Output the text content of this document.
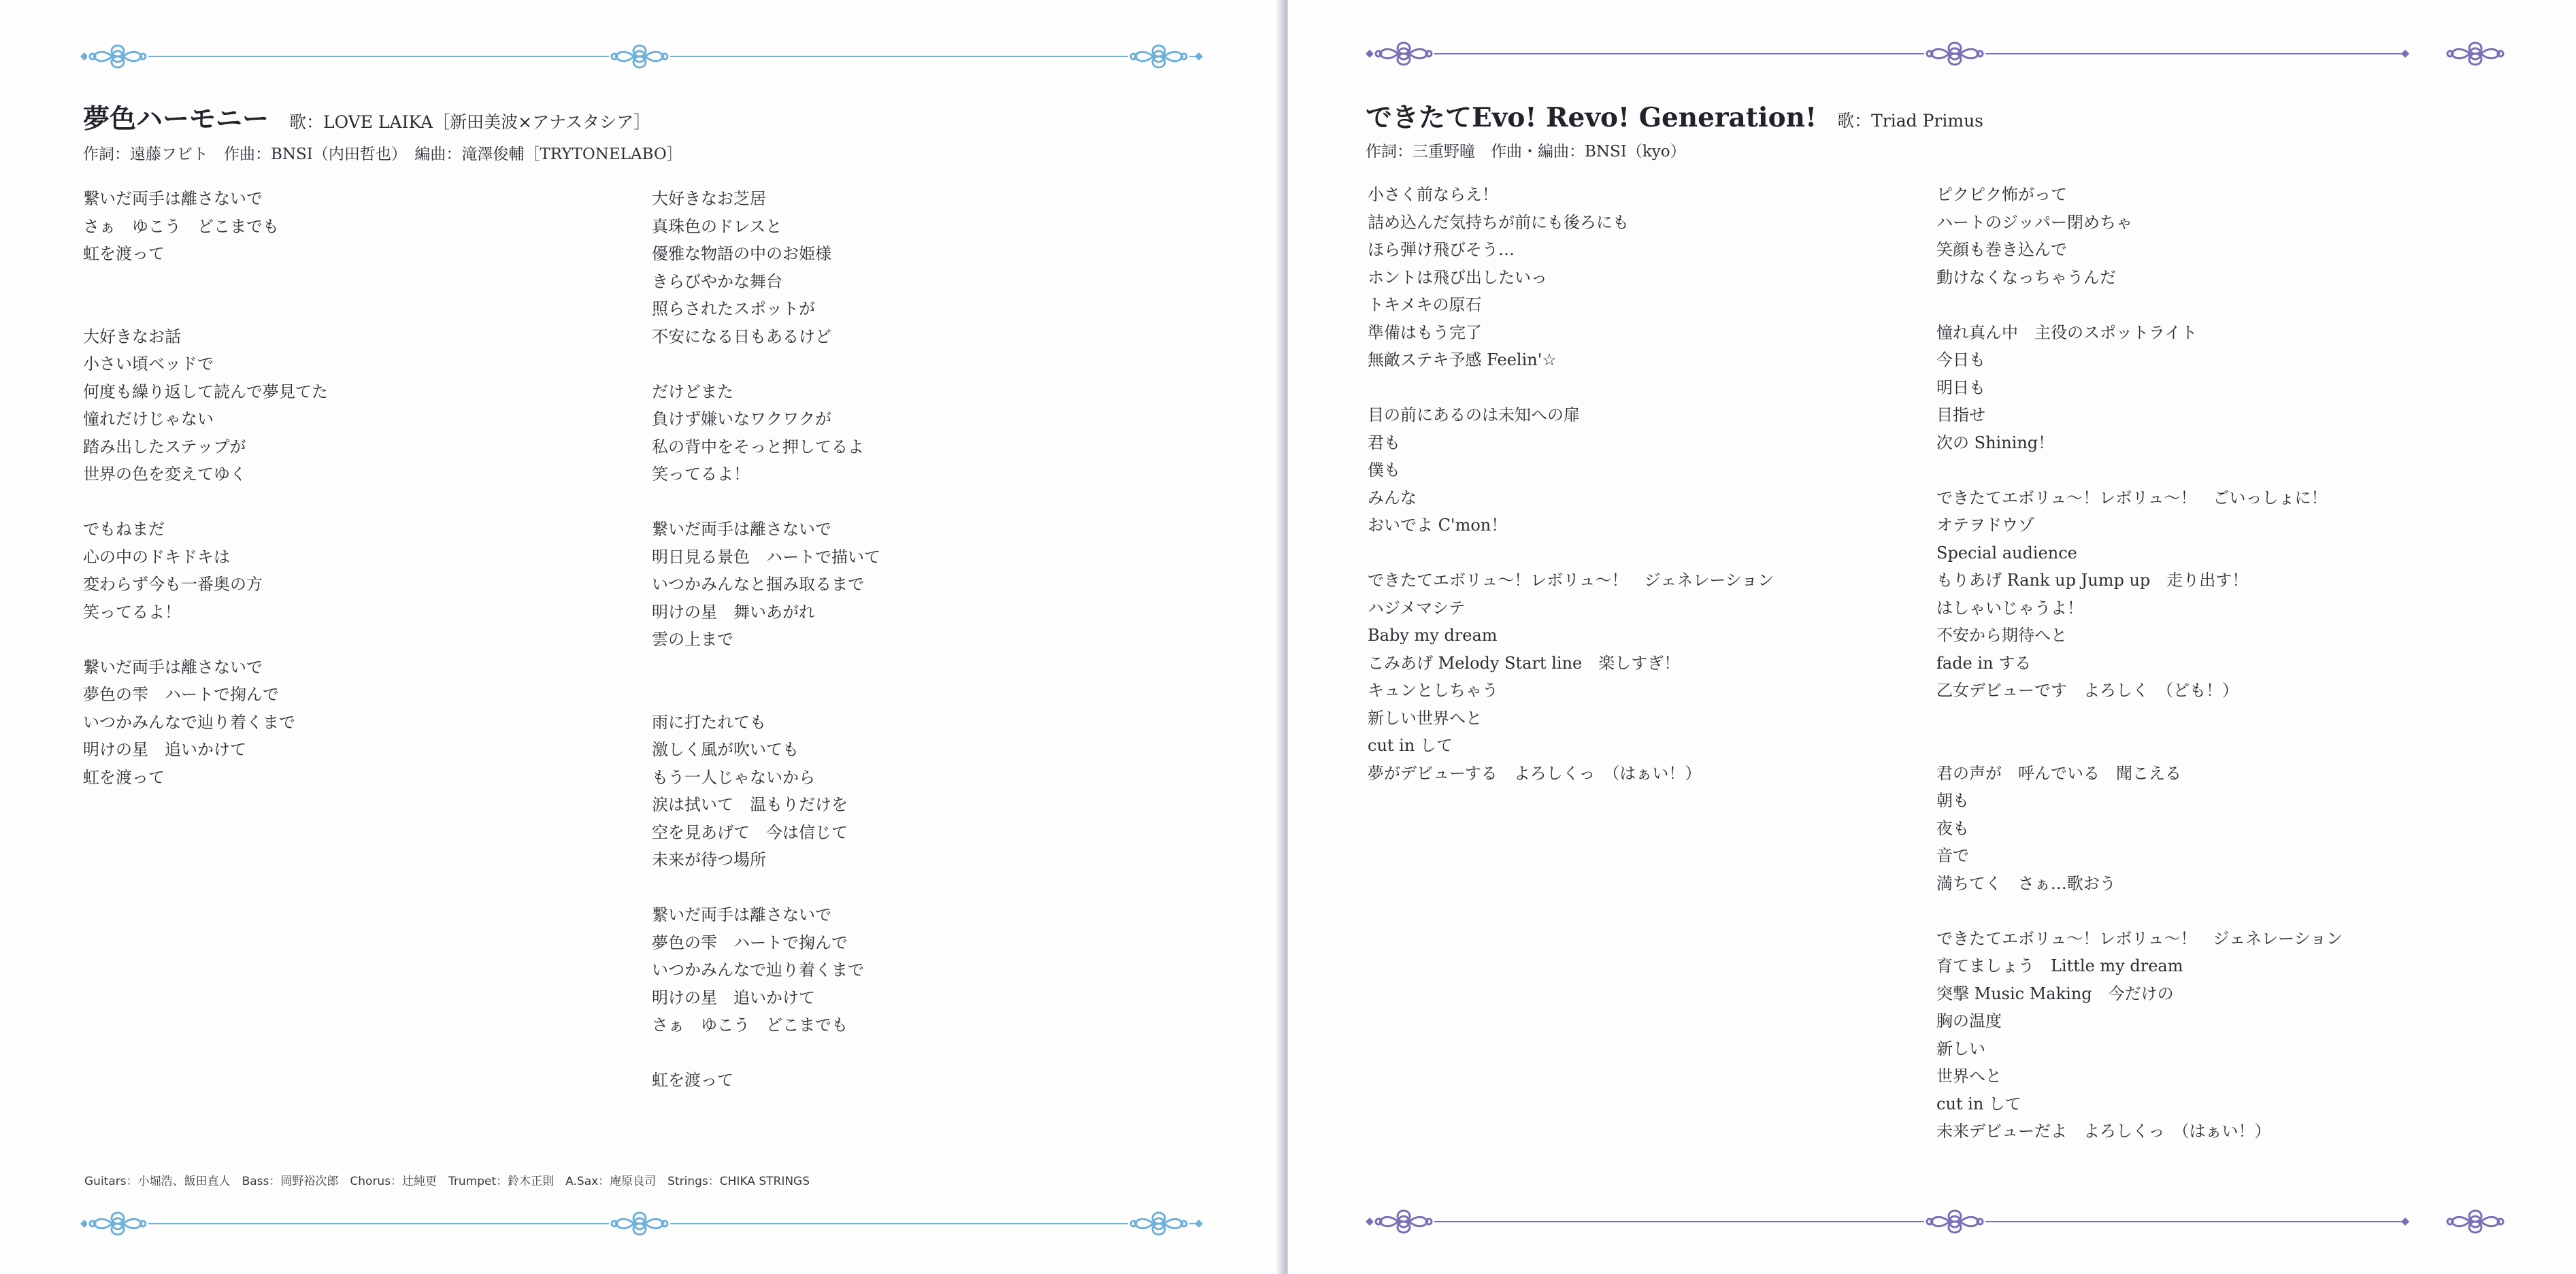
夢色ハーモニー 歌：LOVE LAIKA［新田美波×アナスタシア］
作詞：遠藤フビト　作曲：BNSI（内田哲也）　編曲：滝澤俊輔［TRYTONELABO］
繋いだ両手は離さないで
さぁ　ゆこう　どこまでも
虹を渡って
大好きなお話
小さい頃ベッドで
何度も繰り返して読んで夢見てた
憧れだけじゃない
踏み出したステップが
世界の色を変えてゆく
でもねまだ
心の中のドキドキは
変わらず今も一番奥の方
笑ってるよ！
繋いだ両手は離さないで
夢色の雫　ハートで掬んで
いつかみんなで辿り着くまで
明けの星　追いかけて
虹を渡って
大好きなお芝居
真珠色のドレスと
優雅な物語の中のお姫様
きらびやかな舞台
照らされたスポットが
不安になる日もあるけど
だけどまた
負けず嫌いなワクワクが
私の背中をそっと押してるよ
笑ってるよ！
繋いだ両手は離さないで
明日見る景色　ハートで描いて
いつかみんなと掴み取るまで
明けの星　舞いあがれ
雲の上まで
雨に打たれても
激しく風が吹いても
もう一人じゃないから
涙は拭いて　温もりだけを
空を見あげて　今は信じて
未来が待つ場所
繋いだ両手は離さないで
夢色の雫　ハートで掬んで
いつかみんなで辿り着くまで
明けの星　追いかけて
さぁ　ゆこう　どこまでも
虹を渡って
Guitars：小堀浩、飯田直人　Bass：岡野裕次郎　Chorus：辻純更　Trumpet：鈴木正則　A.Sax：庵原良司　Strings：CHIKA STRINGS
できたてEvo! Revo! Generation! 歌：Triad Primus
作詞：三重野瞳　作曲・編曲：BNSI（kyo）
小さく前ならえ！
詰め込んだ気持ちが前にも後ろにも
ほら弾け飛びそう…
ホントは飛び出したいっ
トキメキの原石
準備はもう完了
無敵ステキ予感 Feelin'☆
目の前にあるのは未知への扉
君も
僕も
みんな
おいでよ C'mon！
できたてエボリュ～！レボリュ～！　ジェネレーション
ハジメマシテ
Baby my dream
こみあげ Melody Start line　楽しすぎ！
キュンとしちゃう
新しい世界へと
cut in して
夢がデビューする　よろしくっ　（はぁい！）
ピクピク怖がって
ハートのジッパー閉めちゃ
笑顔も巻き込んで
動けなくなっちゃうんだ
憧れ真ん中　主役のスポットライト
今日も
明日も
目指せ
次の Shining！
できたてエボリュ～！レボリュ～！　ごいっしょに！
オテヲドウゾ
Special audience
もりあげ Rank up Jump up　走り出す！
はしゃいじゃうよ！
不安から期待へと
fade in する
乙女デビューです　よろしく　（ども！）
君の声が　呼んでいる　聞こえる
朝も
夜も
音で
満ちてく　さぁ…歌おう
できたてエボリュ～！レボリュ～！　ジェネレーション
育てましょう　Little my dream
突撃 Music Making　今だけの
胸の温度
新しい
世界へと
cut in して
未来デビューだよ　よろしくっ　（はぁい！）
